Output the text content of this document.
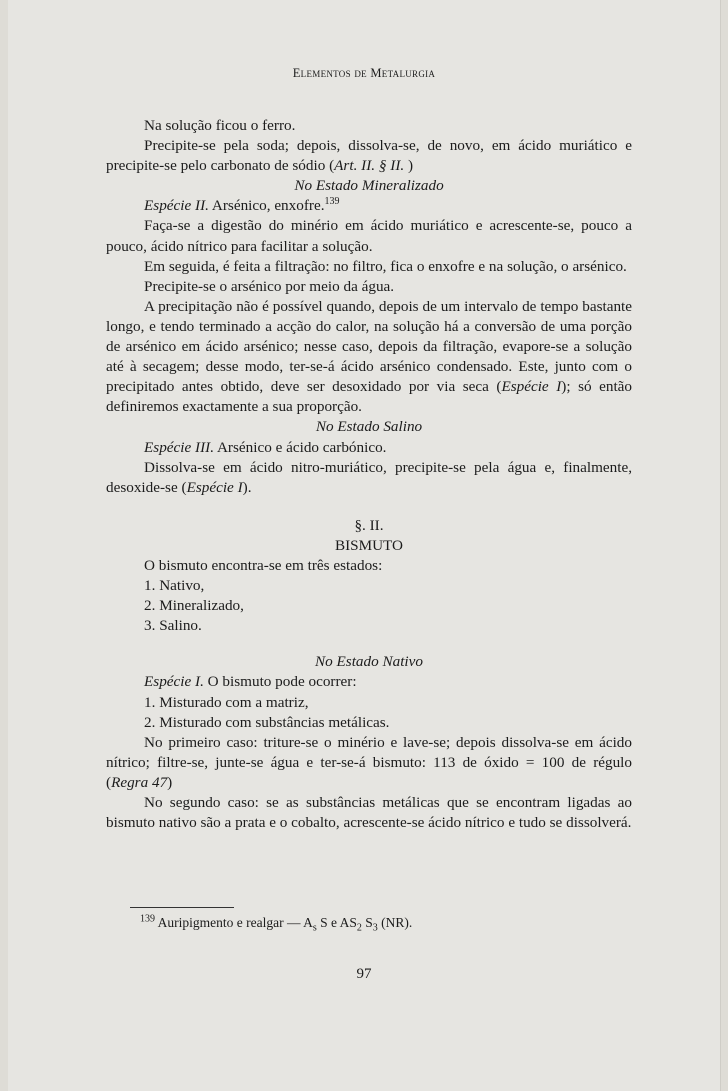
Elementos de Metalurgia

Na solução ficou o ferro.

Precipite-se pela soda; depois, dissolva-se, de novo, em ácido muriático e precipite-se pelo carbonato de sódio (Art. II. § II. )

No Estado Mineralizado

Espécie II. Arsénico, enxofre.$^{139}$

Faça-se a digestão do minério em ácido muriático e acrescente-se, pouco a pouco, ácido nítrico para facilitar a solução.

Em seguida, é feita a filtração: no filtro, fica o enxofre e na solução, o arsénico.

Precipite-se o arsénico por meio da água.

A precipitação não é possível quando, depois de um intervalo de tempo bastante longo, e tendo terminado a acção do calor, na solução há a conversão de uma porção de arsénico em ácido arsénico; nesse caso, depois da filtração, evapore-se a solução até à secagem; desse modo, ter-se-á ácido arsénico condensado. Este, junto com o precipitado antes obtido, deve ser desoxidado por via seca (Espécie I); só então definiremos exactamente a sua proporção.

No Estado Salino

Espécie III. Arsénico e ácido carbónico.

Dissolva-se em ácido nitro-muriático, precipite-se pela água e, finalmente, desoxide-se (Espécie I).

§. II.

BISMUTO

O bismuto encontra-se em três estados:

1. Nativo,

2. Mineralizado,

3. Salino.

No Estado Nativo

Espécie I. O bismuto pode ocorrer:

1. Misturado com a matriz,

2. Misturado com substâncias metálicas.

No primeiro caso: triture-se o minério e lave-se; depois dissolva-se em ácido nítrico; filtre-se, junte-se água e ter-se-á bismuto: 113 de óxido = 100 de régulo (Regra 47)

No segundo caso: se as substâncias metálicas que se encontram ligadas ao bismuto nativo são a prata e o cobalto, acrescente-se ácido nítrico e tudo se dissolverá.

$^{139}$ Auripigmento e realgar — $A_s$ S e $AS_2$ $S_3$ (NR).
97
